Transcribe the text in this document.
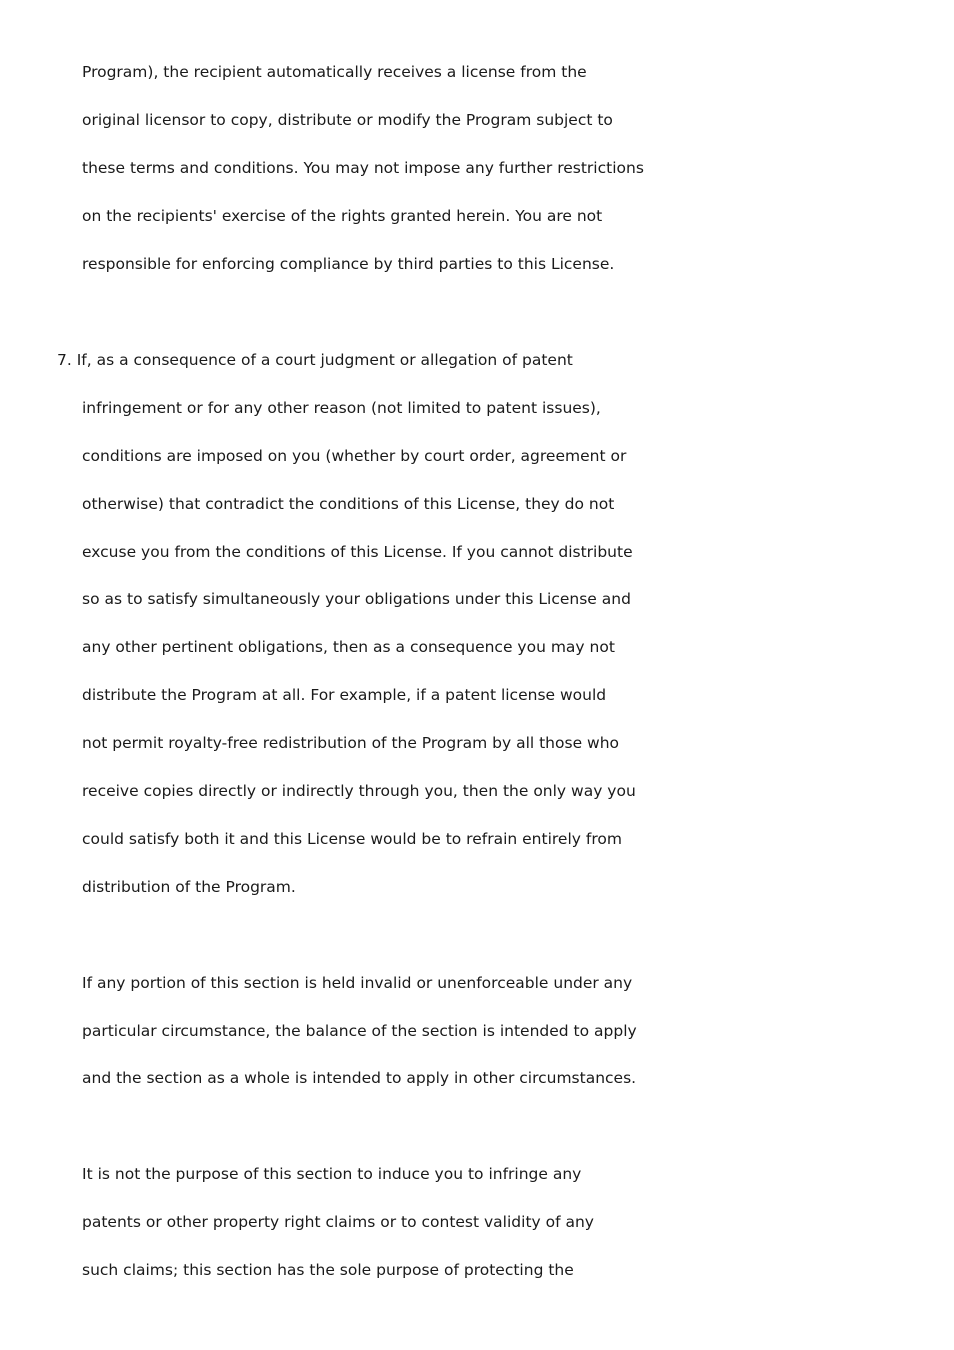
Program), the recipient automatically receives a license from the
original licensor to copy, distribute or modify the Program subject to
these terms and conditions. You may not impose any further restrictions
on the recipients' exercise of the rights granted herein. You are not
responsible for enforcing compliance by third parties to this License.
7. If, as a consequence of a court judgment or allegation of patent
infringement or for any other reason (not limited to patent issues),
conditions are imposed on you (whether by court order, agreement or
otherwise) that contradict the conditions of this License, they do not
excuse you from the conditions of this License. If you cannot distribute
so as to satisfy simultaneously your obligations under this License and
any other pertinent obligations, then as a consequence you may not
distribute the Program at all. For example, if a patent license would
not permit royalty-free redistribution of the Program by all those who
receive copies directly or indirectly through you, then the only way you
could satisfy both it and this License would be to refrain entirely from
distribution of the Program.
If any portion of this section is held invalid or unenforceable under any
particular circumstance, the balance of the section is intended to apply
and the section as a whole is intended to apply in other circumstances.
It is not the purpose of this section to induce you to infringe any
patents or other property right claims or to contest validity of any
such claims; this section has the sole purpose of protecting the
